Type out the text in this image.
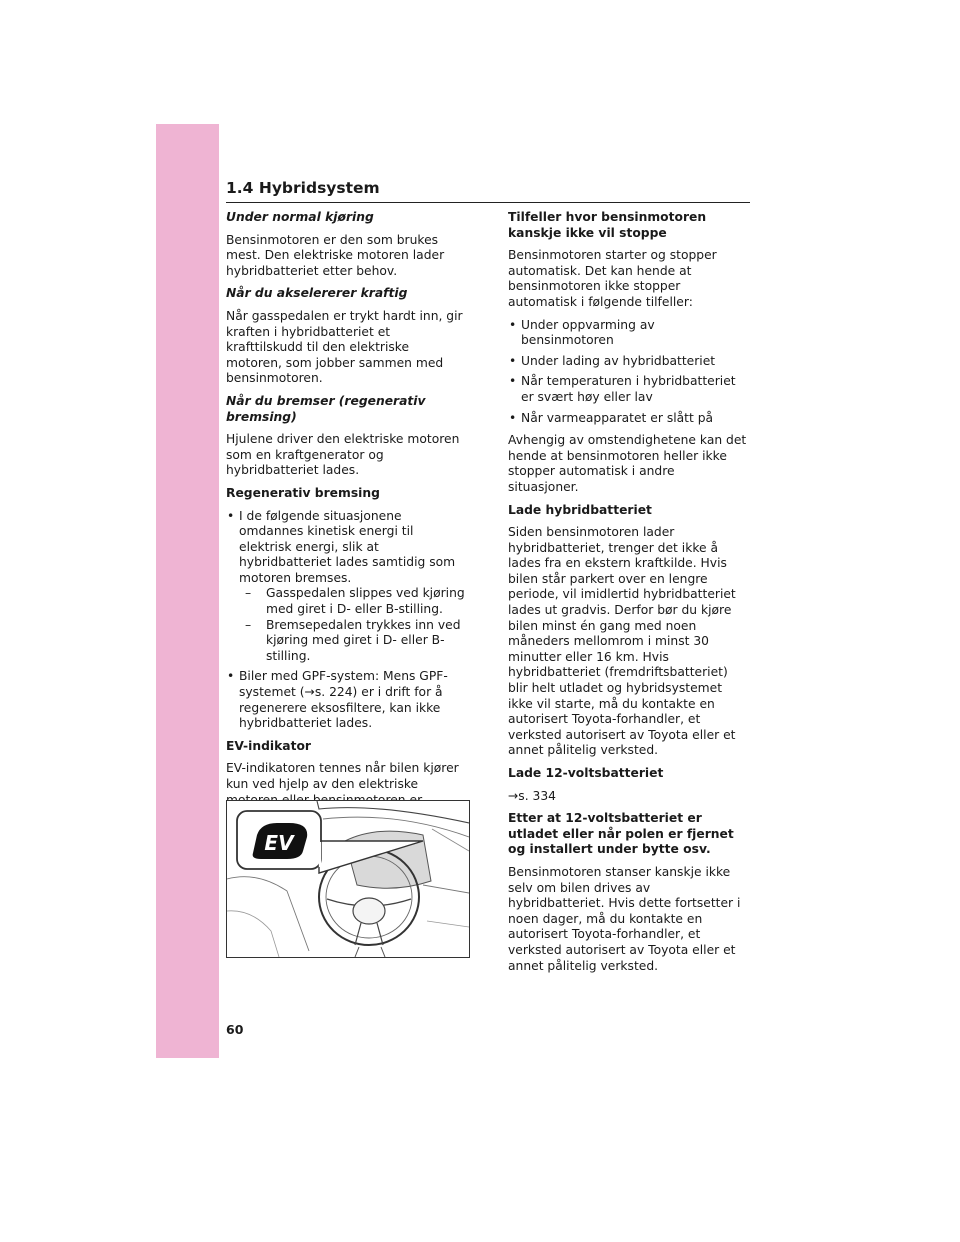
1.4 Hybridsystem
Under normal kjøring

Bensinmotoren er den som brukes mest. Den elektriske motoren lader hybridbatteriet etter behov.

Når du akselererer kraftig

Når gasspedalen er trykt hardt inn, gir kraften i hybridbatteriet et krafttilskudd til den elektriske motoren, som jobber sammen med bensinmotoren.

Når du bremser (regenerativ bremsing)

Hjulene driver den elektriske motoren som en kraftgenerator og hybridbatteriet lades.

Regenerativ bremsing
• I de følgende situasjonene omdannes kinetisk energi til elektrisk energi, slik at hybridbatteriet lades samtidig som motoren bremses.
– Gasspedalen slippes ved kjøring med giret i D- eller B-stilling.
– Bremsepedalen trykkes inn ved kjøring med giret i D- eller B-stilling.
• Biler med GPF-system: Mens GPF-systemet (→s. 224) er i drift for å regenerere eksosfiltere, kan ikke hybridbatteriet lades.
EV-indikator

EV-indikatoren tennes når bilen kjører kun ved hjelp av den elektriske

Tilfeller hvor bensinmotoren kanskje ikke vil stoppe

Bensinmotoren starter og stopper automatisk. Det kan hende at bensinmotoren ikke stopper automatisk i følgende tilfeller:

• Under oppvarming av bensinmotoren
• Under lading av hybridbatteriet
• Når temperaturen i hybridbatteriet er svært høy eller lav
• Når varmeapparatet er slått på

Avhengig av omstendighetene kan det hende at bensinmotoren heller ikke stopper automatisk i andre situasjoner.

Lade hybridbatteriet

Siden bensinmotoren lader hybridbatteriet, trenger det ikke å lades fra en ekstern kraftkilde. Hvis bilen står parkert over en lengre periode, vil imidlertid hybridbatteriet lades ut gradvis. Derfor bør du kjøre bilen minst én gang med noen måneders mellomrom i minst 30 minutter eller 16 km. Hvis hybridbatteriet (fremdriftsbatteriet) blir helt utladet og hybridsystemet ikke vil starte, må du kontakte en autorisert Toyota-forhandler, et verksted autorisert av Toyota eller et annet pålitelig verksted.

Lade 12-voltsbatteriet

→s. 334

Etter at 12-voltsbatteriet er utladet eller når polen er fjernet og installert under bytte osv.

Bensinmotoren stanser kanskje ikke selv om bilen drives av hybridbatteriet. Hvis dette fortsetter i noen dager, må du kontakte en autorisert Toyota-forhandler, et verksted autorisert av Toyota eller et annet pålitelig verksted.

EV
60
